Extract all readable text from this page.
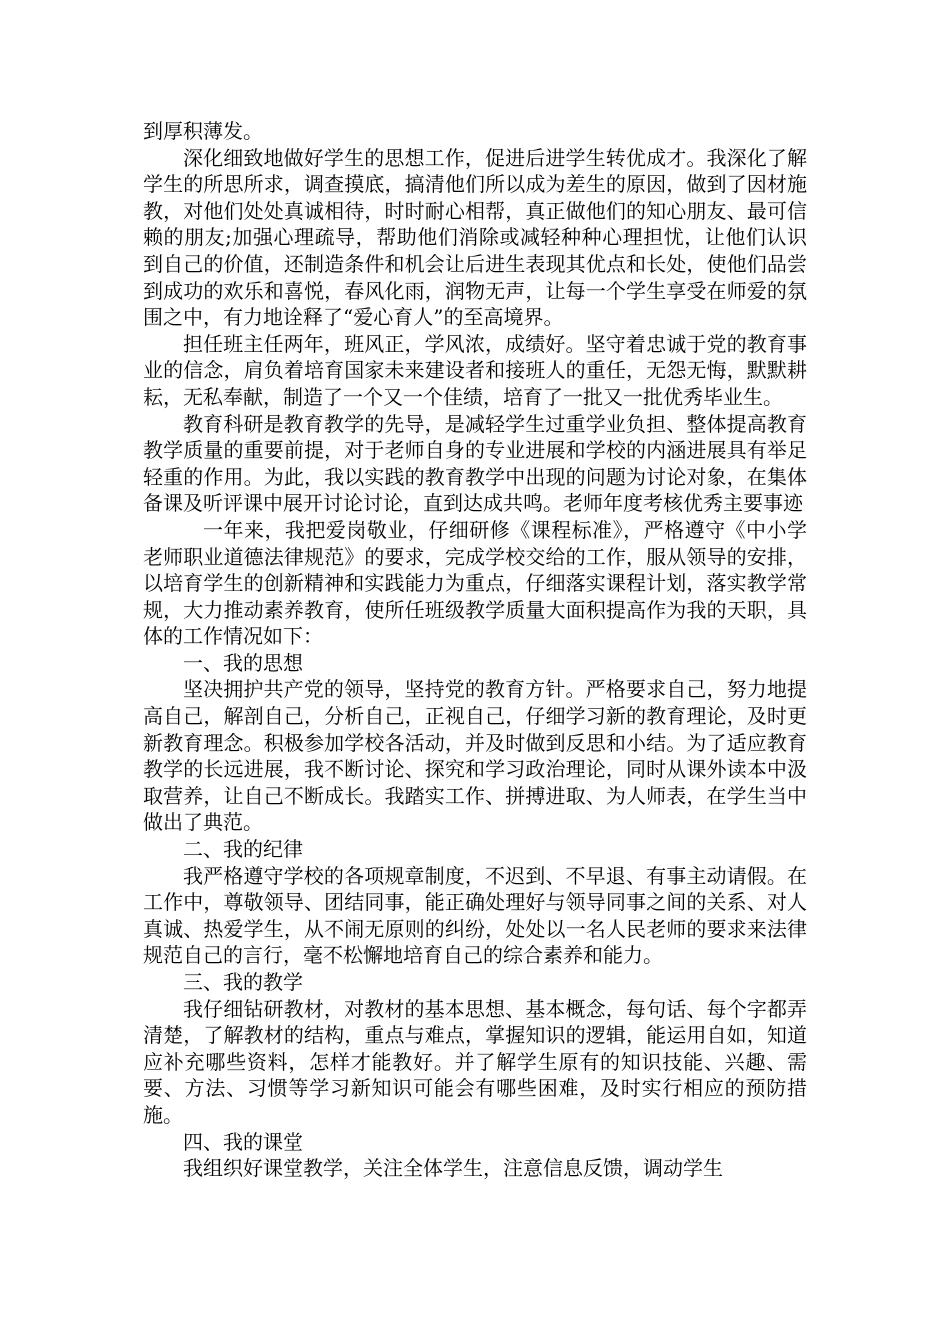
到厚积薄发。

深化细致地做好学生的思想工作，促进后进学生转优成才。我深化了解学生的所思所求，调查摸底，搞清他们所以成为差生的原因，做到了因材施教，对他们处处真诚相待，时时耐心相帮，真正做他们的知心朋友、最可信赖的朋友;加强心理疏导，帮助他们消除或减轻种种心理担忧，让他们认识到自己的价值，还制造条件和机会让后进生表现其优点和长处，使他们品尝到成功的欢乐和喜悦，春风化雨，润物无声，让每一个学生享受在师爱的氛围之中，有力地诠释了“爱心育人”的至高境界。

担任班主任两年，班风正，学风浓，成绩好。坚守着忠诚于党的教育事业的信念，肩负着培育国家未来建设者和接班人的重任，无怨无悔，默默耕耘，无私奉献，制造了一个又一个佳绩，培育了一批又一批优秀毕业生。

教育科研是教育教学的先导，是减轻学生过重学业负担、整体提高教育教学质量的重要前提，对于老师自身的专业进展和学校的内涵进展具有举足轻重的作用。为此，我以实践的教育教学中出现的问题为讨论对象，在集体备课及听评课中展开讨论讨论，直到达成共鸣。老师年度考核优秀主要事迹

一年来，我把爱岗敬业，仔细研修《课程标准》，严格遵守《中小学老师职业道德法律规范》的要求，完成学校交给的工作，服从领导的安排，以培育学生的创新精神和实践能力为重点，仔细落实课程计划，落实教学常规，大力推动素养教育，使所任班级教学质量大面积提高作为我的天职，具体的工作情况如下：

一、我的思想

坚决拥护共产党的领导，坚持党的教育方针。严格要求自己，努力地提高自己，解剖自己，分析自己，正视自己，仔细学习新的教育理论，及时更新教育理念。积极参加学校各活动，并及时做到反思和小结。为了适应教育教学的长远进展，我不断讨论、探究和学习政治理论，同时从课外读本中汲取营养，让自己不断成长。我踏实工作、拼搏进取、为人师表，在学生当中做出了典范。

二、我的纪律

我严格遵守学校的各项规章制度，不迟到、不早退、有事主动请假。在工作中，尊敬领导、团结同事，能正确处理好与领导同事之间的关系、对人真诚、热爱学生，从不闹无原则的纠纷，处处以一名人民老师的要求来法律规范自己的言行，毫不松懈地培育自己的综合素养和能力。

三、我的教学

我仔细钻研教材，对教材的基本思想、基本概念，每句话、每个字都弄清楚，了解教材的结构，重点与难点，掌握知识的逻辑，能运用自如，知道应补充哪些资料，怎样才能教好。并了解学生原有的知识技能、兴趣、需要、方法、习惯等学习新知识可能会有哪些困难，及时实行相应的预防措施。

四、我的课堂

我组织好课堂教学，关注全体学生，注意信息反馈，调动学生
